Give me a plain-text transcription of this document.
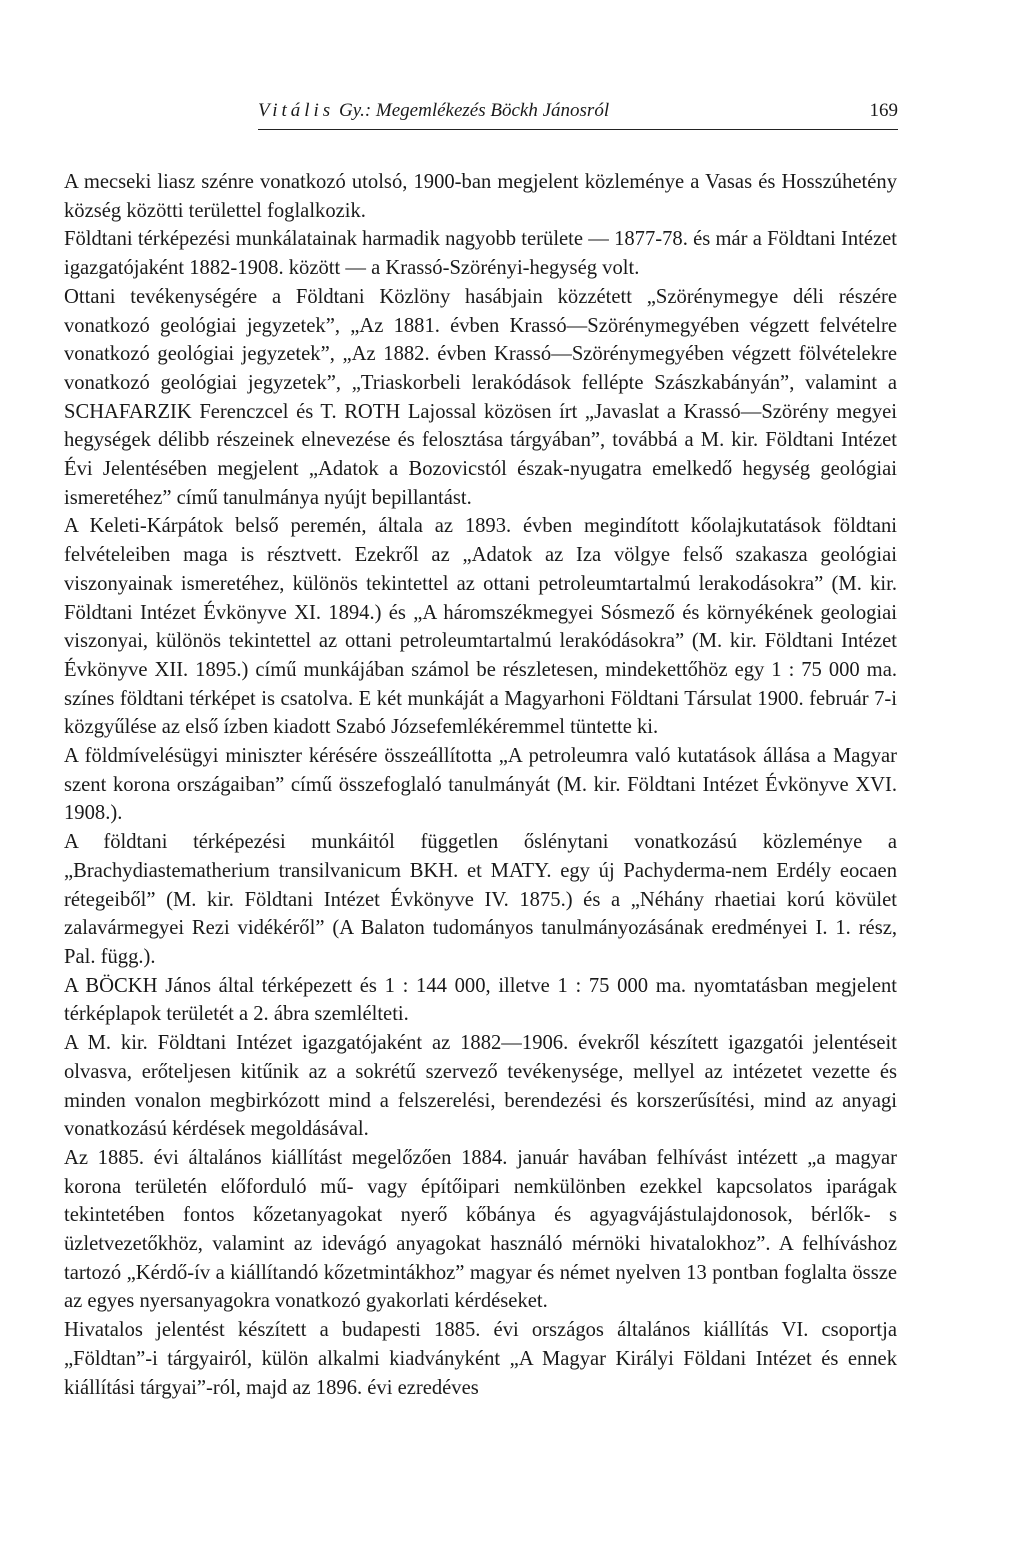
Vitális Gy.: Megemlékezés Böckh Jánosról	169

A mecseki liasz szénre vonatkozó utolsó, 1900-ban megjelent közleménye a Vasas és Hosszúhetény község közötti területtel foglalkozik.

Földtani térképezési munkálatainak harmadik nagyobb területe — 1877-78. és már a Földtani Intézet igazgatójaként 1882-1908. között — a Krassó-Szörényi-hegység volt.

Ottani tevékenységére a Földtani Közlöny hasábjain közzétett „Szörénymegye déli részére vonatkozó geológiai jegyzetek”, „Az 1881. évben Krassó—Szörénymegyében végzett felvételre vonatkozó geológiai jegyzetek”, „Az 1882. évben Krassó—Szörénymegyében végzett fölvételekre vonatkozó geológiai jegyzetek”, „Triaskorbeli lerakódások fellépte Szászkabányán”, valamint a SCHAFARZIK Ferenczcel és T. ROTH Lajossal közösen írt „Javaslat a Krassó—Szörény megyei hegységek délibb részeinek elnevezése és felosztása tárgyában”, továbbá a M. kir. Földtani Intézet Évi Jelentésében megjelent „Adatok a Bozovicstól észak-nyugatra emelkedő hegység geológiai ismeretéhez” című tanulmánya nyújt bepillantást.

A Keleti-Kárpátok belső peremén, általa az 1893. évben megindított kőolajkutatások földtani felvételeiben maga is résztvett. Ezekről az „Adatok az Iza völgye felső szakasza geológiai viszonyainak ismeretéhez, különös tekintettel az ottani petroleumtartalmú lerakodásokra” (M. kir. Földtani Intézet Évkönyve XI. 1894.) és „A háromszékmegyei Sósmező és környékének geologiai viszonyai, különös tekintettel az ottani petroleumtartalmú lerakódásokra” (M. kir. Földtani Intézet Évkönyve XII. 1895.) című munkájában számol be részletesen, mindekettőhöz egy 1 : 75 000 ma. színes földtani térképet is csatolva. E két munkáját a Magyarhoni Földtani Társulat 1900. február 7-i közgyűlése az első ízben kiadott Szabó Józsefemlékéremmel tüntette ki.

A földmívelésügyi miniszter kérésére összeállította „A petroleumra való kutatások állása a Magyar szent korona országaiban” című összefoglaló tanulmányát (M. kir. Földtani Intézet Évkönyve XVI. 1908.).

A földtani térképezési munkáitól független őslénytani vonatkozású közleménye a „Brachydiastematherium transilvanicum BKH. et MATY. egy új Pachyderma-nem Erdély eocaen rétegeiből” (M. kir. Földtani Intézet Évkönyve IV. 1875.) és a „Néhány rhaetiai korú kövület zalavármegyei Rezi vidékéről” (A Balaton tudományos tanulmányozásának eredményei I. 1. rész, Pal. függ.).

A BÖCKH János által térképezett és 1 : 144 000, illetve 1 : 75 000 ma. nyomtatásban megjelent térképlapok területét a 2. ábra szemlélteti.

A M. kir. Földtani Intézet igazgatójaként az 1882—1906. évekről készített igazgatói jelentéseit olvasva, erőteljesen kitűnik az a sokrétű szervező tevékenysége, mellyel az intézetet vezette és minden vonalon megbirkózott mind a felszerelési, berendezési és korszerűsítési, mind az anyagi vonatkozású kérdések megoldásával.

Az 1885. évi általános kiállítást megelőzően 1884. január havában felhívást intézett „a magyar korona területén előforduló mű- vagy építőipari nemkülönben ezekkel kapcsolatos iparágak tekintetében fontos kőzetanyagokat nyerő kőbánya és agyagvájástulajdonosok, bérlők- s üzletvezetőkhöz, valamint az idevágó anyagokat használó mérnöki hivatalokhoz”. A felhíváshoz tartozó „Kérdő-ív a kiállítandó kőzetmintákhoz” magyar és német nyelven 13 pontban foglalta össze az egyes nyersanyagokra vonatkozó gyakorlati kérdéseket.

Hivatalos jelentést készített a budapesti 1885. évi országos általános kiállítás VI. csoportja „Földtan”-i tárgyairól, külön alkalmi kiadványként „A Magyar Királyi Földani Intézet és ennek kiállítási tárgyai”-ról, majd az 1896. évi ezredéves
